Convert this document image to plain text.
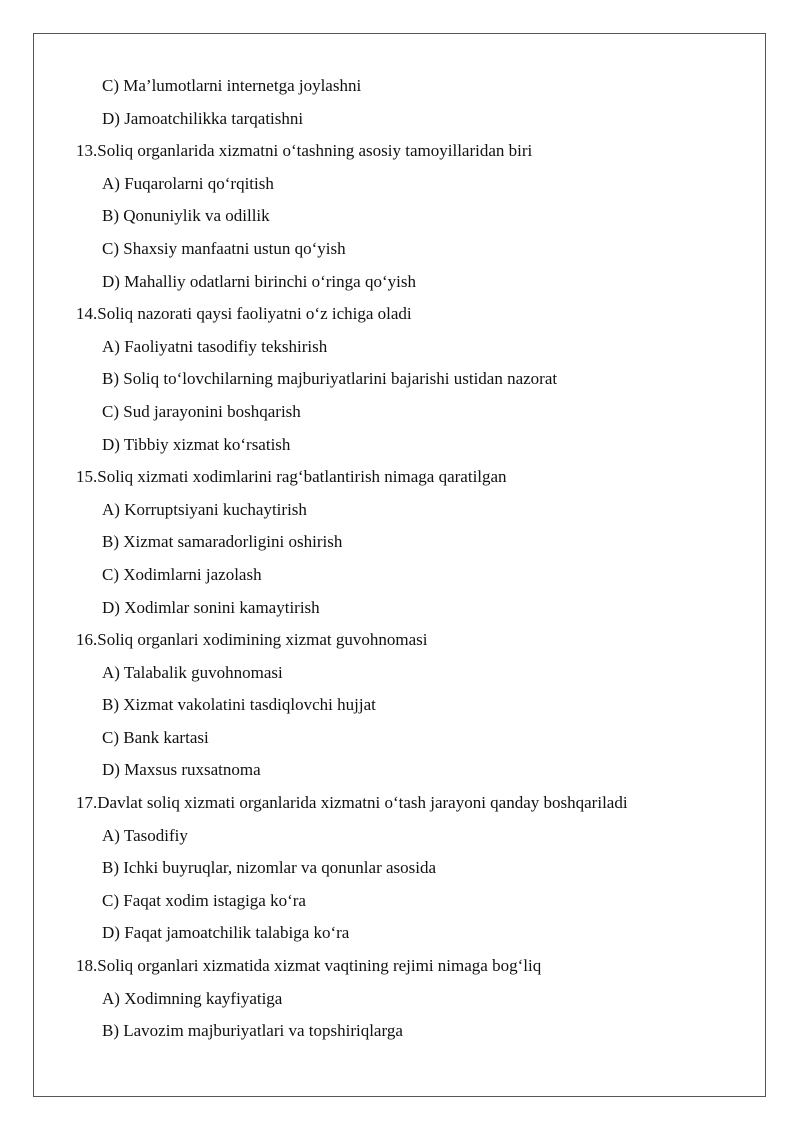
C) Ma’lumotlarni internetga joylashni
D) Jamoatchilikka tarqatishni
13.Soliq organlarida xizmatni o‘tashning asosiy tamoyillaridan biri
A) Fuqarolarni qo‘rqitish
B) Qonuniylik va odillik
C) Shaxsiy manfaatni ustun qo‘yish
D) Mahalliy odatlarni birinchi o‘ringa qo‘yish
14.Soliq nazorati qaysi faoliyatni o‘z ichiga oladi
A) Faoliyatni tasodifiy tekshirish
B) Soliq to‘lovchilarning majburiyatlarini bajarishi ustidan nazorat
C) Sud jarayonini boshqarish
D) Tibbiy xizmat ko‘rsatish
15.Soliq xizmati xodimlarini rag‘batlantirish nimaga qaratilgan
A) Korruptsiyani kuchaytirish
B) Xizmat samaradorligini oshirish
C) Xodimlarni jazolash
D) Xodimlar sonini kamaytirish
16.Soliq organlari xodimining xizmat guvohnomasi
A) Talabalik guvohnomasi
B) Xizmat vakolatini tasdiqlovchi hujjat
C) Bank kartasi
D) Maxsus ruxsatnoma
17.Davlat soliq xizmati organlarida xizmatni o‘tash jarayoni qanday boshqariladi
A) Tasodifiy
B) Ichki buyruqlar, nizomlar va qonunlar asosida
C) Faqat xodim istagiga ko‘ra
D) Faqat jamoatchilik talabiga ko‘ra
18.Soliq organlari xizmatida xizmat vaqtining rejimi nimaga bog‘liq
A) Xodimning kayfiyatiga
B) Lavozim majburiyatlari va topshiriqlarga
